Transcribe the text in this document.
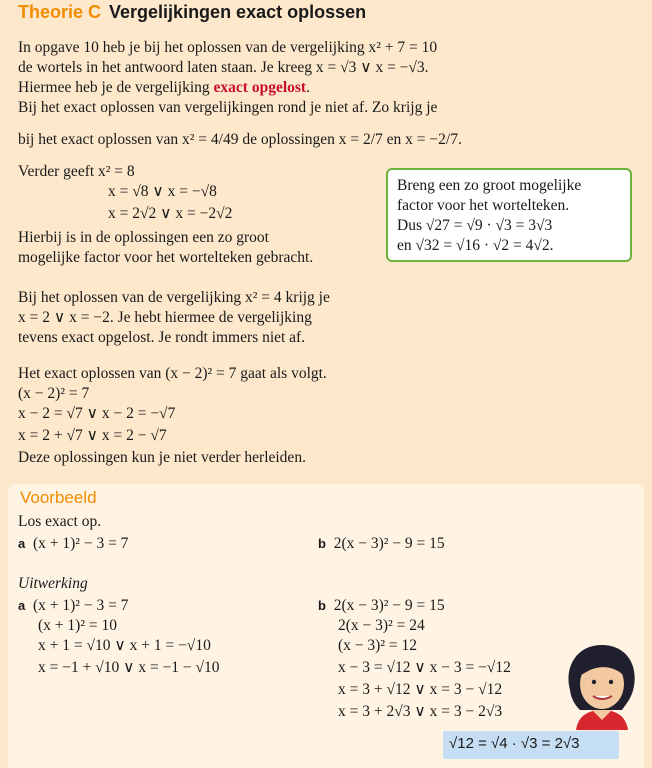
Theorie C Vergelijkingen exact oplossen
In opgave 10 heb je bij het oplossen van de vergelijking x² + 7 = 10
de wortels in het antwoord laten staan. Je kreeg x = √3 ∨ x = −√3.
Hiermee heb je de vergelijking exact opgelost.
Bij het exact oplossen van vergelijkingen rond je niet af. Zo krijg je
bij het exact oplossen van x² = 4/49 de oplossingen x = 2/7 en x = −2/7.
Verder geeft x² = 8
x = √8 ∨ x = −√8
x = 2√2 ∨ x = −2√2
Hierbij is in de oplossingen een zo groot
mogelijke factor voor het wortelteken gebracht.
Breng een zo groot mogelijke
factor voor het wortelteken.
Dus √27 = √9 · √3 = 3√3
en √32 = √16 · √2 = 4√2.
Bij het oplossen van de vergelijking x² = 4 krijg je
x = 2 ∨ x = −2. Je hebt hiermee de vergelijking
tevens exact opgelost. Je rondt immers niet af.
Het exact oplossen van (x − 2)² = 7 gaat als volgt.
(x − 2)² = 7
x − 2 = √7 ∨ x − 2 = −√7
x = 2 + √7 ∨ x = 2 − √7
Deze oplossingen kun je niet verder herleiden.
Voorbeeld
Los exact op.
a (x + 1)² − 3 = 7	b 2(x − 3)² − 9 = 15
Uitwerking
a (x + 1)² − 3 = 7
(x + 1)² = 10
x + 1 = √10 ∨ x + 1 = −√10
x = −1 + √10 ∨ x = −1 − √10
b 2(x − 3)² − 9 = 15
2(x − 3)² = 24
(x − 3)² = 12
x − 3 = √12 ∨ x − 3 = −√12
x = 3 + √12 ∨ x = 3 − √12
x = 3 + 2√3 ∨ x = 3 − 2√3
√12 = √4 · √3 = 2√3
